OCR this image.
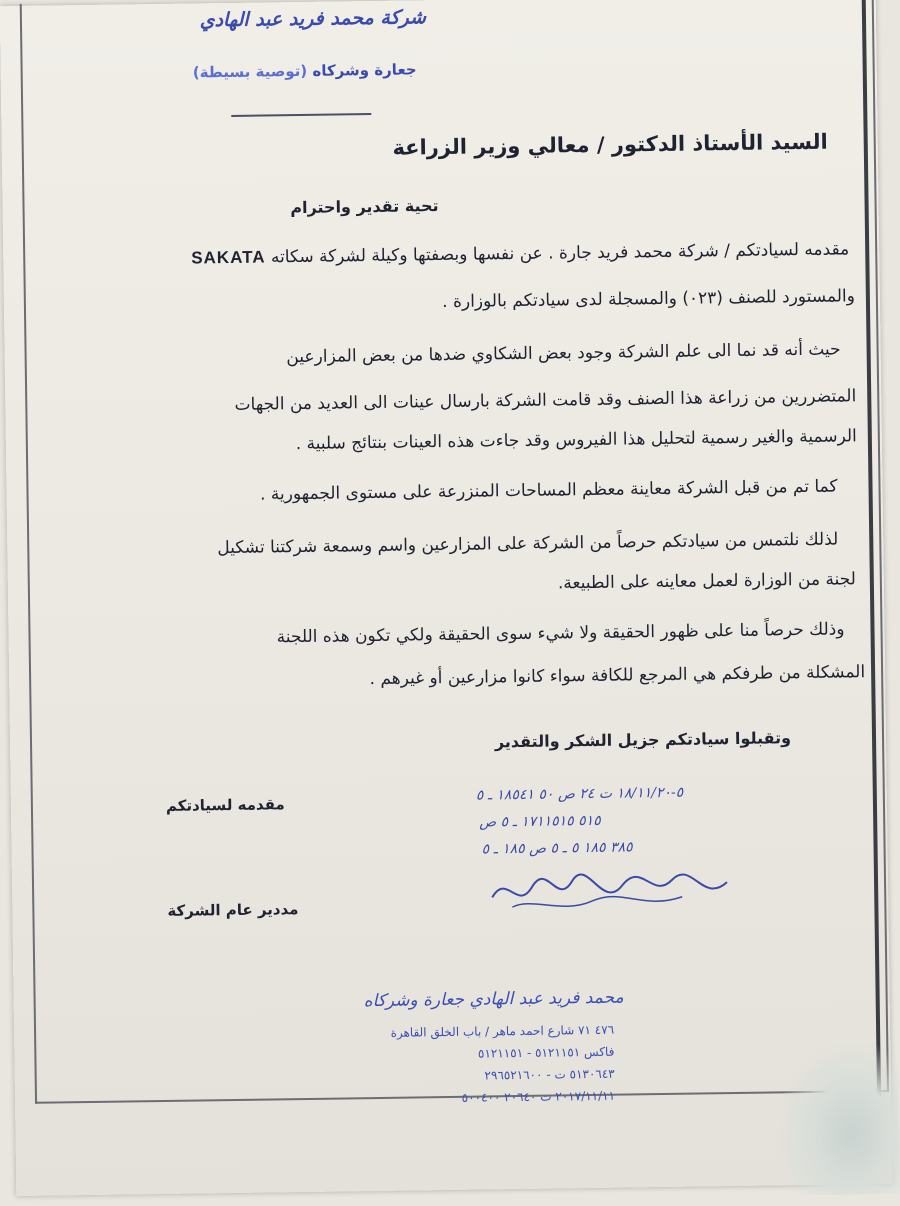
شركة محمد فريد عبد الهادي
جعارة وشركاه (توصية بسيطة)
السيد الأستاذ الدكتور / معالي وزير الزراعة
تحية تقدير واحترام
مقدمه لسيادتكم / شركة محمد فريد جارة . عن نفسها وبصفتها وكيلة لشركة سكاته SAKATA
والمستورد للصنف (٠٢٣) والمسجلة لدى سيادتكم بالوزارة .
حيث أنه قد نما الى علم الشركة وجود بعض الشكاوي ضدها من بعض المزارعين
المتضررين من زراعة هذا الصنف وقد قامت الشركة بارسال عينات الى العديد من الجهات
الرسمية والغير رسمية لتحليل هذا الفيروس وقد جاءت هذه العينات بنتائج سلبية .
كما تم من قبل الشركة معاينة معظم المساحات المنزرعة على مستوى الجمهورية .
لذلك نلتمس من سيادتكم حرصاً من الشركة على المزارعين واسم وسمعة شركتنا تشكيل
لجنة من الوزارة لعمل معاينه على الطبيعة.
وذلك حرصاً منا على ظهور الحقيقة ولا شيء سوى الحقيقة ولكي تكون هذه اللجنة
المشكلة من طرفكم هي المرجع للكافة سواء كانوا مزارعين أو غيرهم .
وتقبلوا سيادتكم جزيل الشكر والتقدير
مقدمه لسيادتكم
مددير عام الشركة
٥-١٨/١١/٢٠ ت ٢٤ ص ٥٠ ١٨٥٤١ ـ ٥
٥١٥ ١٧١١٥١٥ ـ ٥ ص
٣٨٥ ١٨٥ ٥ ـ ٥ ص ١٨٥ ـ ٥
محمد فريد عبد الهادي جعارة وشركاه
٤٧٦ ٧١ شارع احمد ماهر / باب الخلق القاهرة
فاكس ٥١٢١١٥١ - ٥١٢١١٥١
٥١٣٠٦٤٣ ت - ٢٩٦٥٢١٦٠٠
٢٠١٧/١١/١١ ت ٢٠٦٤٠ ٥٠٠٤٠٠
